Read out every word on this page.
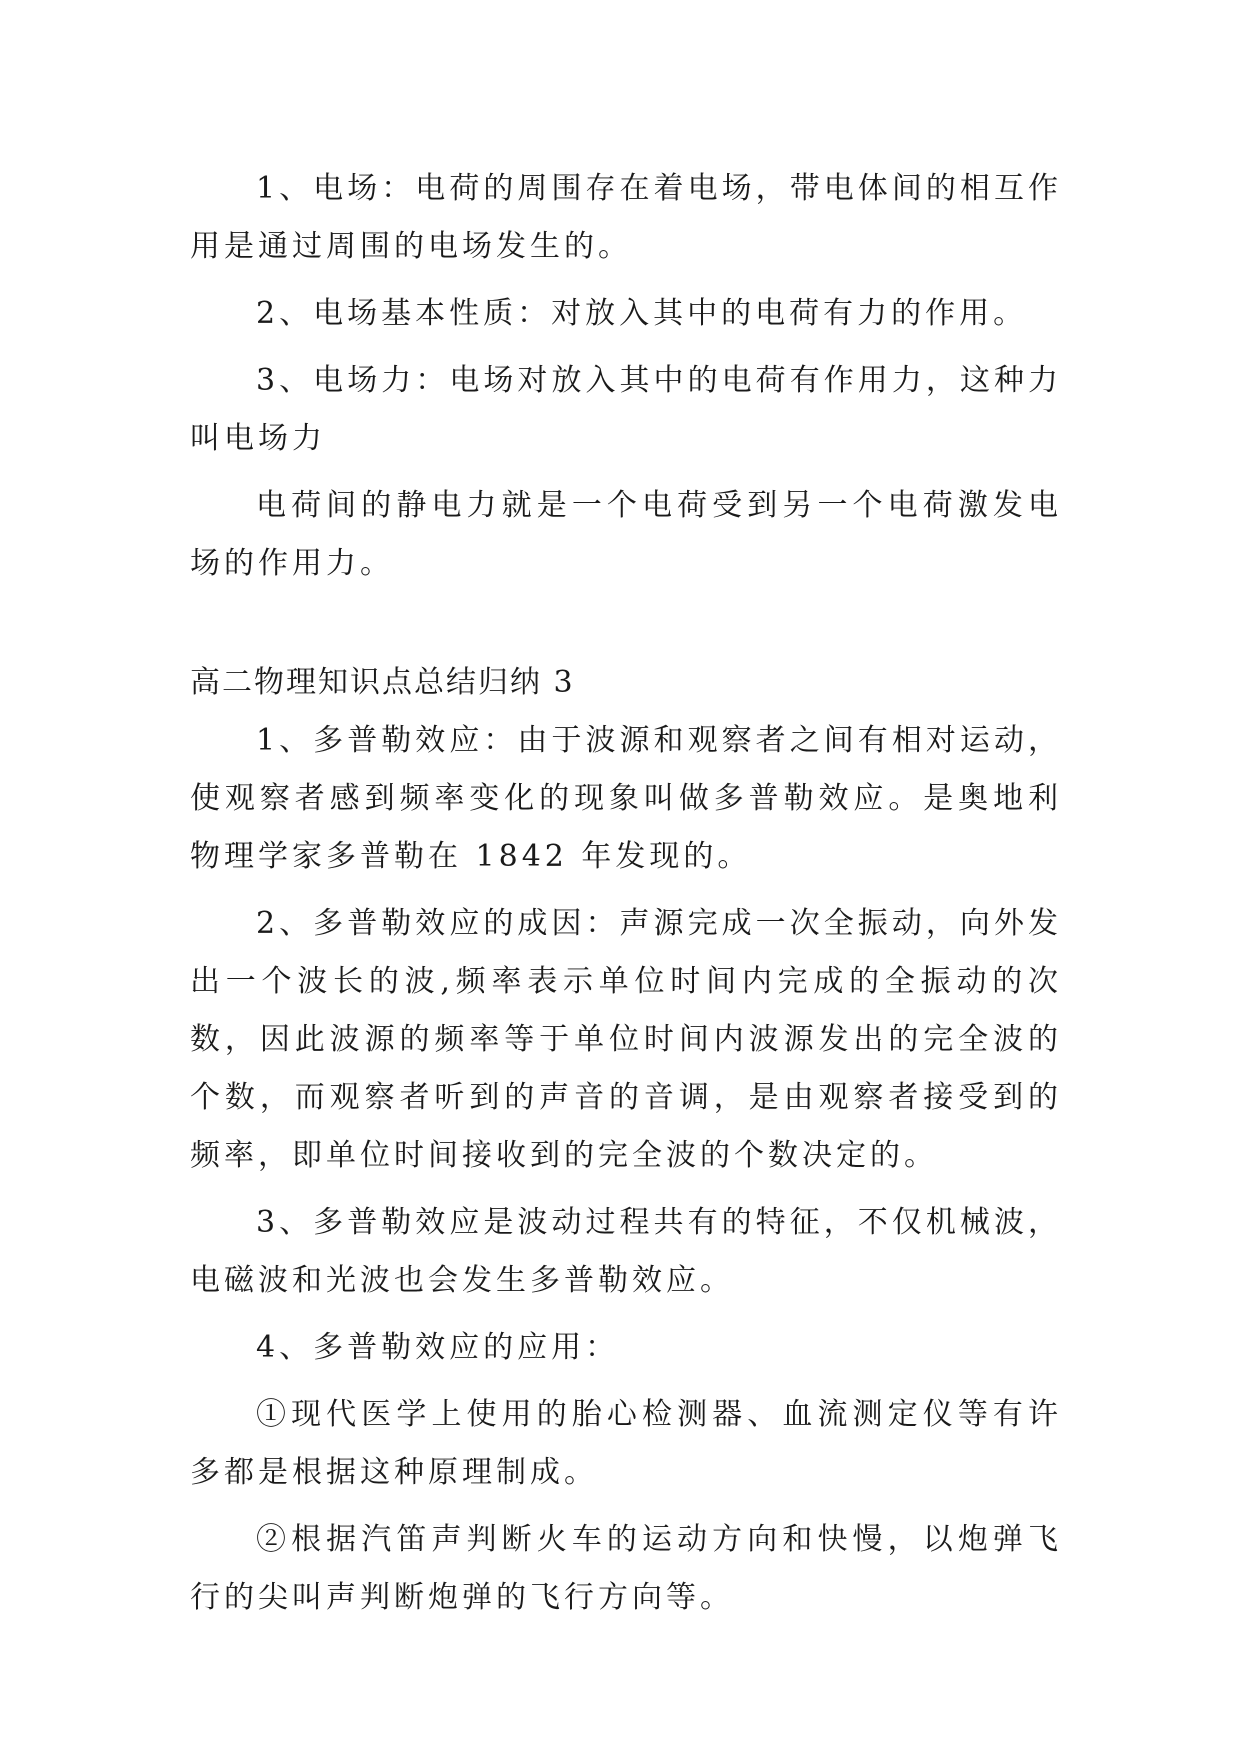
1、电场：电荷的周围存在着电场，带电体间的相互作用是通过周围的电场发生的。

2、电场基本性质：对放入其中的电荷有力的作用。

3、电场力：电场对放入其中的电荷有作用力，这种力叫电场力

电荷间的静电力就是一个电荷受到另一个电荷激发电场的作用力。

高二物理知识点总结归纳 3

1、多普勒效应：由于波源和观察者之间有相对运动，使观察者感到频率变化的现象叫做多普勒效应。是奥地利物理学家多普勒在 1842 年发现的。

2、多普勒效应的成因：声源完成一次全振动，向外发出一个波长的波,频率表示单位时间内完成的全振动的次数，因此波源的频率等于单位时间内波源发出的完全波的个数，而观察者听到的声音的音调，是由观察者接受到的频率，即单位时间接收到的完全波的个数决定的。

3、多普勒效应是波动过程共有的特征，不仅机械波，电磁波和光波也会发生多普勒效应。

4、多普勒效应的应用：

①现代医学上使用的胎心检测器、血流测定仪等有许多都是根据这种原理制成。

②根据汽笛声判断火车的运动方向和快慢，以炮弹飞行的尖叫声判断炮弹的飞行方向等。
